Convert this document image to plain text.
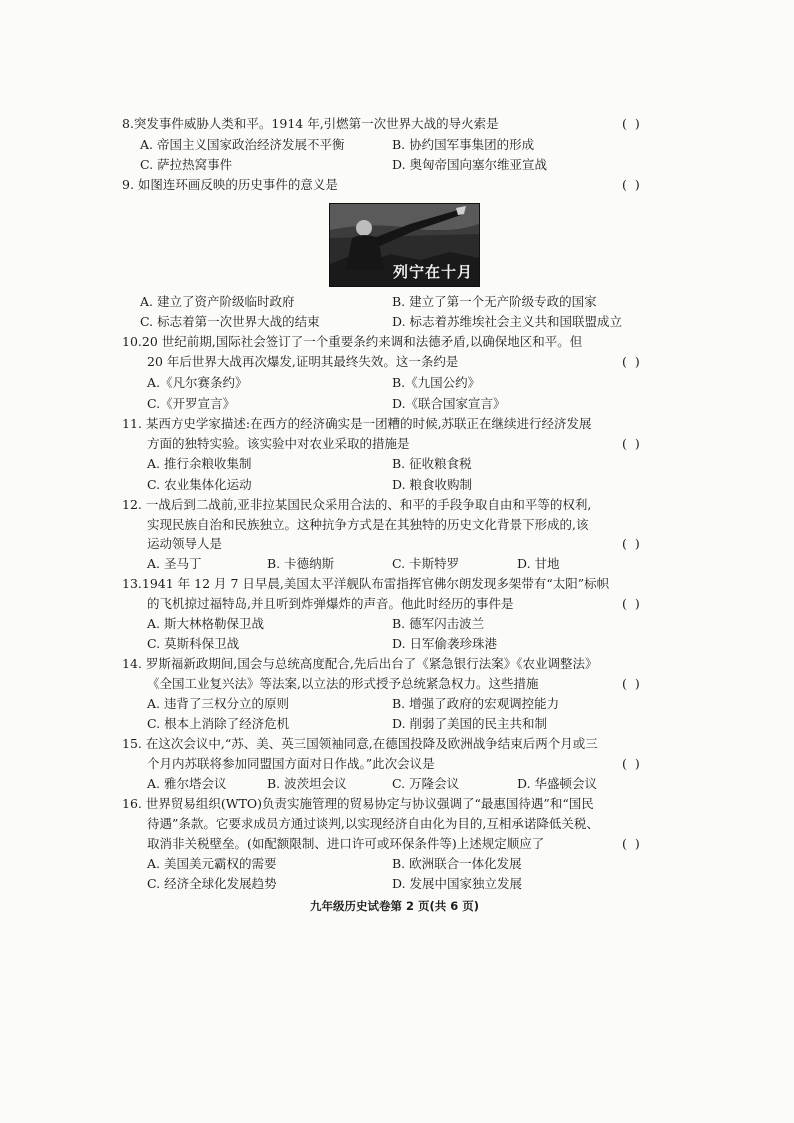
8.突发事件威胁人类和平。1914 年,引燃第一次世界大战的导火索是	( )
A. 帝国主义国家政治经济发展不平衡	B. 协约国军事集团的形成
C. 萨拉热窝事件	D. 奥匈帝国向塞尔维亚宣战
9. 如图连环画反映的历史事件的意义是	( )
列宁在十月
A. 建立了资产阶级临时政府	B. 建立了第一个无产阶级专政的国家
C. 标志着第一次世界大战的结束	D. 标志着苏维埃社会主义共和国联盟成立
10.20 世纪前期,国际社会签订了一个重要条约来调和法德矛盾,以确保地区和平。但
20 年后世界大战再次爆发,证明其最终失效。这一条约是	( )
A.《凡尔赛条约》	B.《九国公约》
C.《开罗宣言》	D.《联合国家宣言》
11. 某西方史学家描述:在西方的经济确实是一团糟的时候,苏联正在继续进行经济发展
方面的独特实验。该实验中对农业采取的措施是	( )
A. 推行余粮收集制	B. 征收粮食税
C. 农业集体化运动	D. 粮食收购制
12. 一战后到二战前,亚非拉某国民众采用合法的、和平的手段争取自由和平等的权利,
实现民族自治和民族独立。这种抗争方式是在其独特的历史文化背景下形成的,该
运动领导人是	( )
A. 圣马丁	B. 卡德纳斯	C. 卡斯特罗	D. 甘地
13.1941 年 12 月 7 日早晨,美国太平洋舰队布雷指挥官佛尔朗发现多架带有“太阳”标帜
的飞机掠过福特岛,并且听到炸弹爆炸的声音。他此时经历的事件是	( )
A. 斯大林格勒保卫战	B. 德军闪击波兰
C. 莫斯科保卫战	D. 日军偷袭珍珠港
14. 罗斯福新政期间,国会与总统高度配合,先后出台了《紧急银行法案》《农业调整法》
《全国工业复兴法》等法案,以立法的形式授予总统紧急权力。这些措施	( )
A. 违背了三权分立的原则	B. 增强了政府的宏观调控能力
C. 根本上消除了经济危机	D. 削弱了美国的民主共和制
15. 在这次会议中,“苏、美、英三国领袖同意,在德国投降及欧洲战争结束后两个月或三
个月内苏联将参加同盟国方面对日作战。”此次会议是	( )
A. 雅尔塔会议	B. 波茨坦会议	C. 万隆会议	D. 华盛顿会议
16. 世界贸易组织(WTO)负责实施管理的贸易协定与协议强调了“最惠国待遇”和“国民
待遇”条款。它要求成员方通过谈判,以实现经济自由化为目的,互相承诺降低关税、
取消非关税壁垒。(如配额限制、进口许可或环保条件等)上述规定顺应了	( )
A. 美国美元霸权的需要	B. 欧洲联合一体化发展
C. 经济全球化发展趋势	D. 发展中国家独立发展
九年级历史试卷第 2 页(共 6 页)
